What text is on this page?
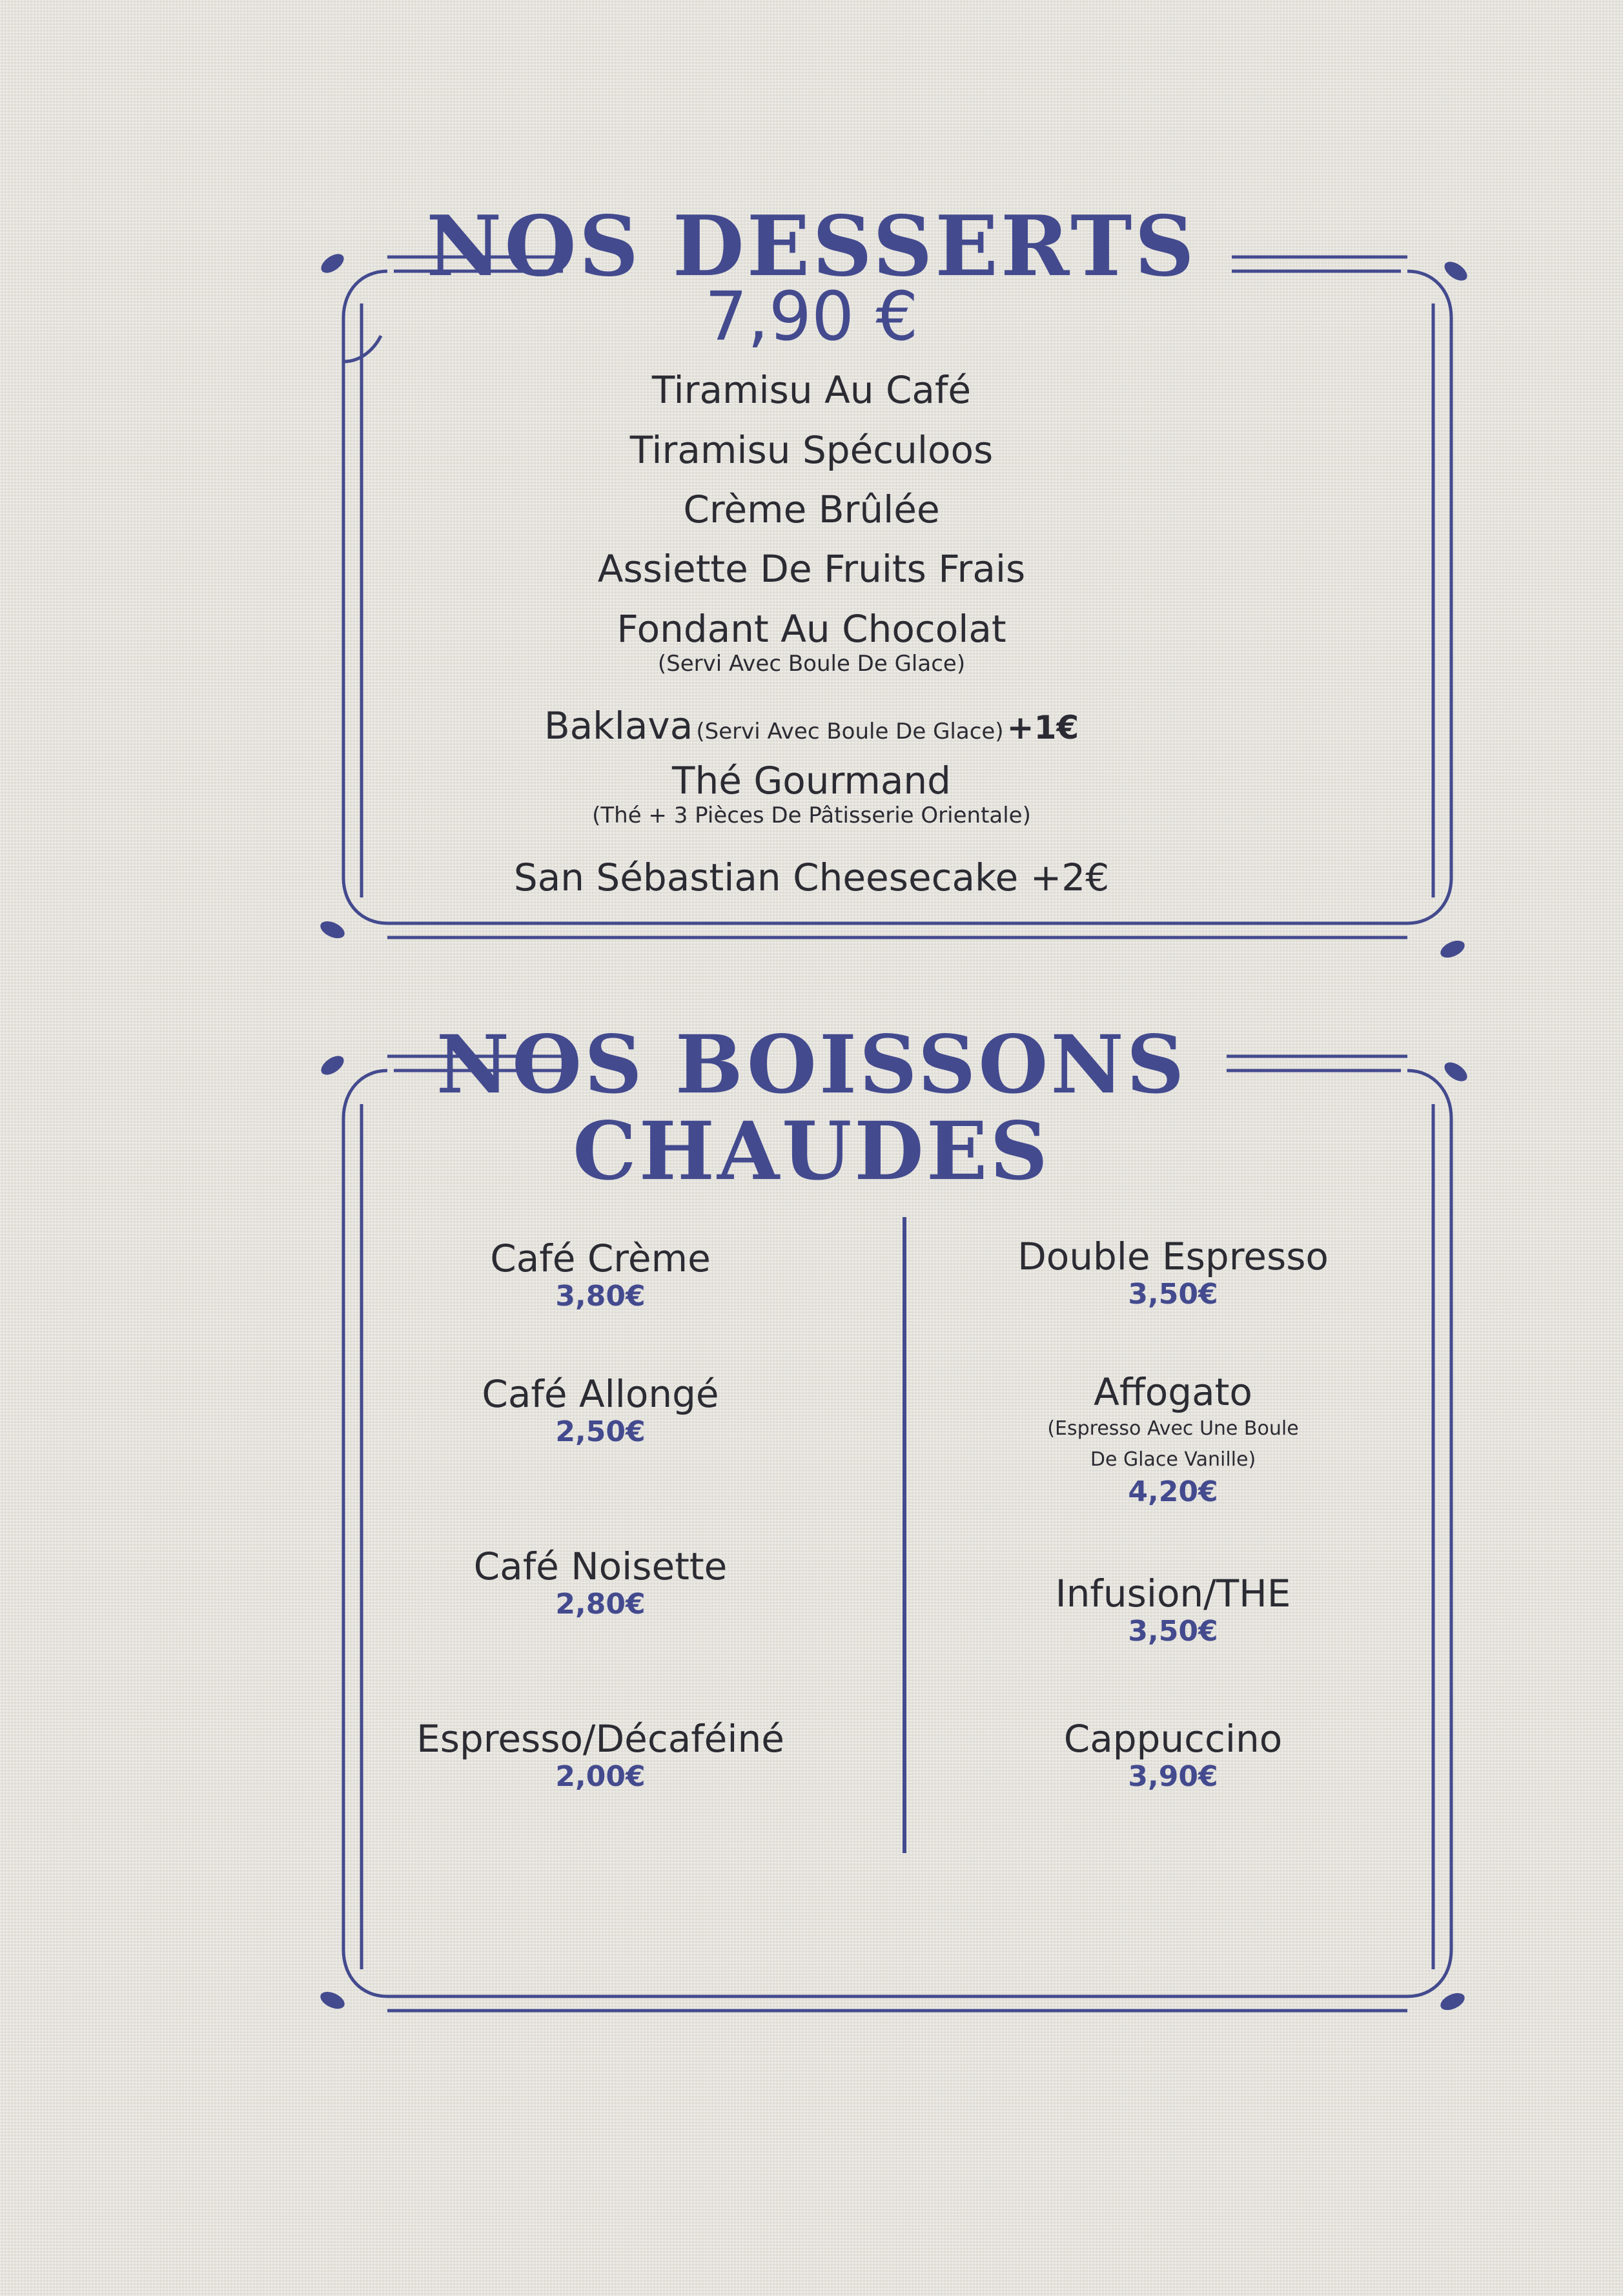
NOS DESSERTS
7,90 €
Tiramisu Au Café
Tiramisu Spéculoos
Crème Brûlée
Assiette De Fruits Frais
Fondant Au Chocolat
(Servi Avec Boule De Glace)
Baklava (Servi Avec Boule De Glace) +1€
Thé Gourmand
(Thé + 3 Pièces De Pâtisserie Orientale)
San Sébastian Cheesecake +2€
NOS BOISSONS
CHAUDES
Café Crème
3,80€
Café Allongé
2,50€
Café Noisette
2,80€
Espresso/Décaféiné
2,00€
Double Espresso
3,50€
Affogato
(Espresso Avec Une Boule
De Glace Vanille)
4,20€
Infusion/THE
3,50€
Cappuccino
3,90€
